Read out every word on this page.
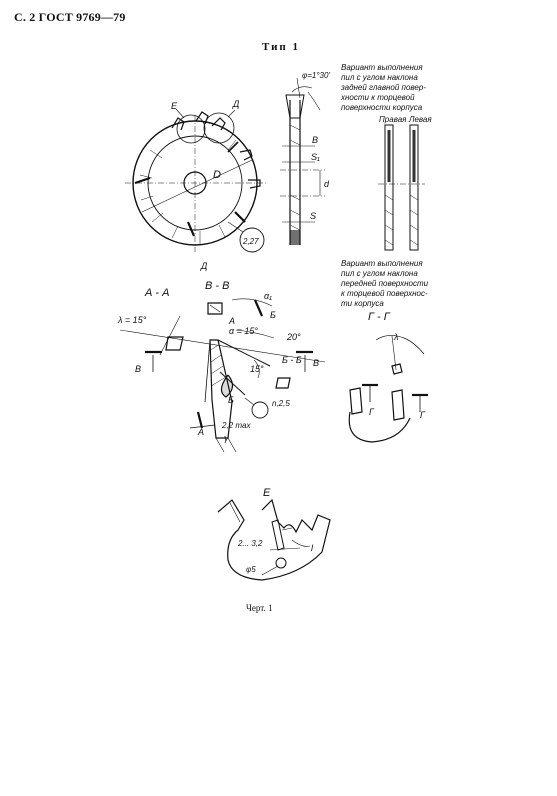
С. 2 ГОСТ 9769—79
Тип 1
Е	Д
D
2,27
d
В
S₁
S
φ=1°30'
Вариант выполнения
пил с углом наклона
задней главной повер-
хности к торцевой
поверхности корпуса
Правая Левая
Вариант выполнения
пил с углом наклона
передней поверхности
к торцевой поверхнос-
ти корпуса
Д
А - А
В - В
α₁
Б
А
λ = 15°
α = 15°
20°
Б - Б В
15°
В
Б	n,2,5
2,2 max
А
γ
Г - Г
λ
Г	Г
Е
2... 3,2	l
φ5
Черт. 1
